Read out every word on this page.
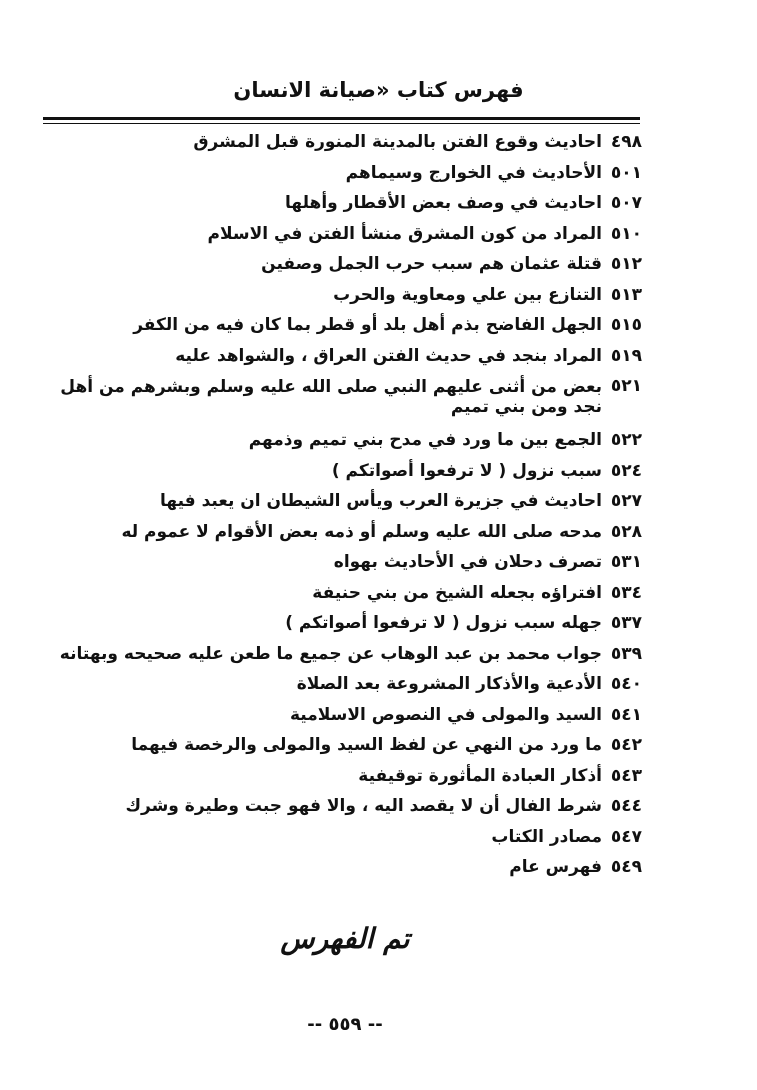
فهرس كتاب «صيانة الانسان
٤٩٨
احاديث وقوع الفتن بالمدينة المنورة قبل المشرق
٥٠١
الأحاديث في الخوارج وسيماهم
٥٠٧
احاديث في وصف بعض الأقطار وأهلها
٥١٠
المراد من كون المشرق منشأ الفتن في الاسلام
٥١٢
قتلة عثمان هم سبب حرب الجمل وصفين
٥١٣
التنازع بين علي ومعاوية والحرب
٥١٥
الجهل الفاضح بذم أهل بلد أو قطر بما كان فيه من الكفر
٥١٩
المراد بنجد في حديث الفتن العراق ، والشواهد عليه
٥٢١
بعض من أثنى عليهم النبي صلى الله عليه وسلم وبشرهم من أهل نجد ومن بني تميم
٥٢٢
الجمع بين ما ورد في مدح بني تميم وذمهم
٥٢٤
سبب نزول ( لا ترفعوا أصواتكم )
٥٢٧
احاديث في جزيرة العرب ويأس الشيطان ان يعبد فيها
٥٢٨
مدحه صلى الله عليه وسلم أو ذمه بعض الأقوام لا عموم له
٥٣١
تصرف دحلان في الأحاديث بهواه
٥٣٤
افتراؤه بجعله الشيخ من بني حنيفة
٥٣٧
جهله سبب نزول ( لا ترفعوا أصواتكم )
٥٣٩
جواب محمد بن عبد الوهاب عن جميع ما طعن عليه صحيحه وبهتانه
٥٤٠
الأدعية والأذكار المشروعة بعد الصلاة
٥٤١
السيد والمولى في النصوص الاسلامية
٥٤٢
ما ورد من النهي عن لفظ السيد والمولى والرخصة فيهما
٥٤٣
أذكار العبادة المأثورة توقيفية
٥٤٤
شرط الفال أن لا يقصد اليه ، والا فهو جبت وطيرة وشرك
٥٤٧
مصادر الكتاب
٥٤٩
فهرس عام
تم الفهرس
-- ٥٥٩ --
